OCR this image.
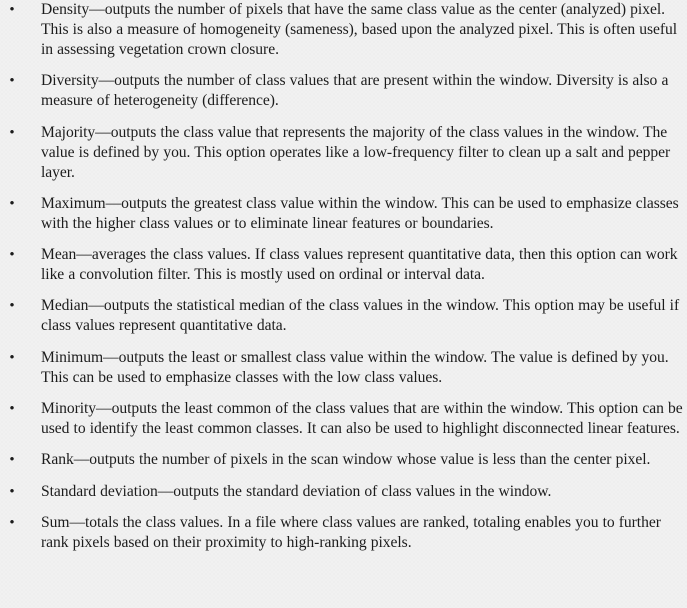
• Density—outputs the number of pixels that have the same class value as the center (analyzed) pixel. This is also a measure of homogeneity (sameness), based upon the analyzed pixel. This is often useful in assessing vegetation crown closure.
• Diversity—outputs the number of class values that are present within the window. Diversity is also a measure of heterogeneity (difference).
• Majority—outputs the class value that represents the majority of the class values in the window. The value is defined by you. This option operates like a low-frequency filter to clean up a salt and pepper layer.
• Maximum—outputs the greatest class value within the window. This can be used to emphasize classes with the higher class values or to eliminate linear features or boundaries.
• Mean—averages the class values. If class values represent quantitative data, then this option can work like a convolution filter. This is mostly used on ordinal or interval data.
• Median—outputs the statistical median of the class values in the window. This option may be useful if class values represent quantitative data.
• Minimum—outputs the least or smallest class value within the window. The value is defined by you. This can be used to emphasize classes with the low class values.
• Minority—outputs the least common of the class values that are within the window. This option can be used to identify the least common classes. It can also be used to highlight disconnected linear features.
• Rank—outputs the number of pixels in the scan window whose value is less than the center pixel.
• Standard deviation—outputs the standard deviation of class values in the window.
• Sum—totals the class values. In a file where class values are ranked, totaling enables you to further rank pixels based on their proximity to high-ranking pixels.
